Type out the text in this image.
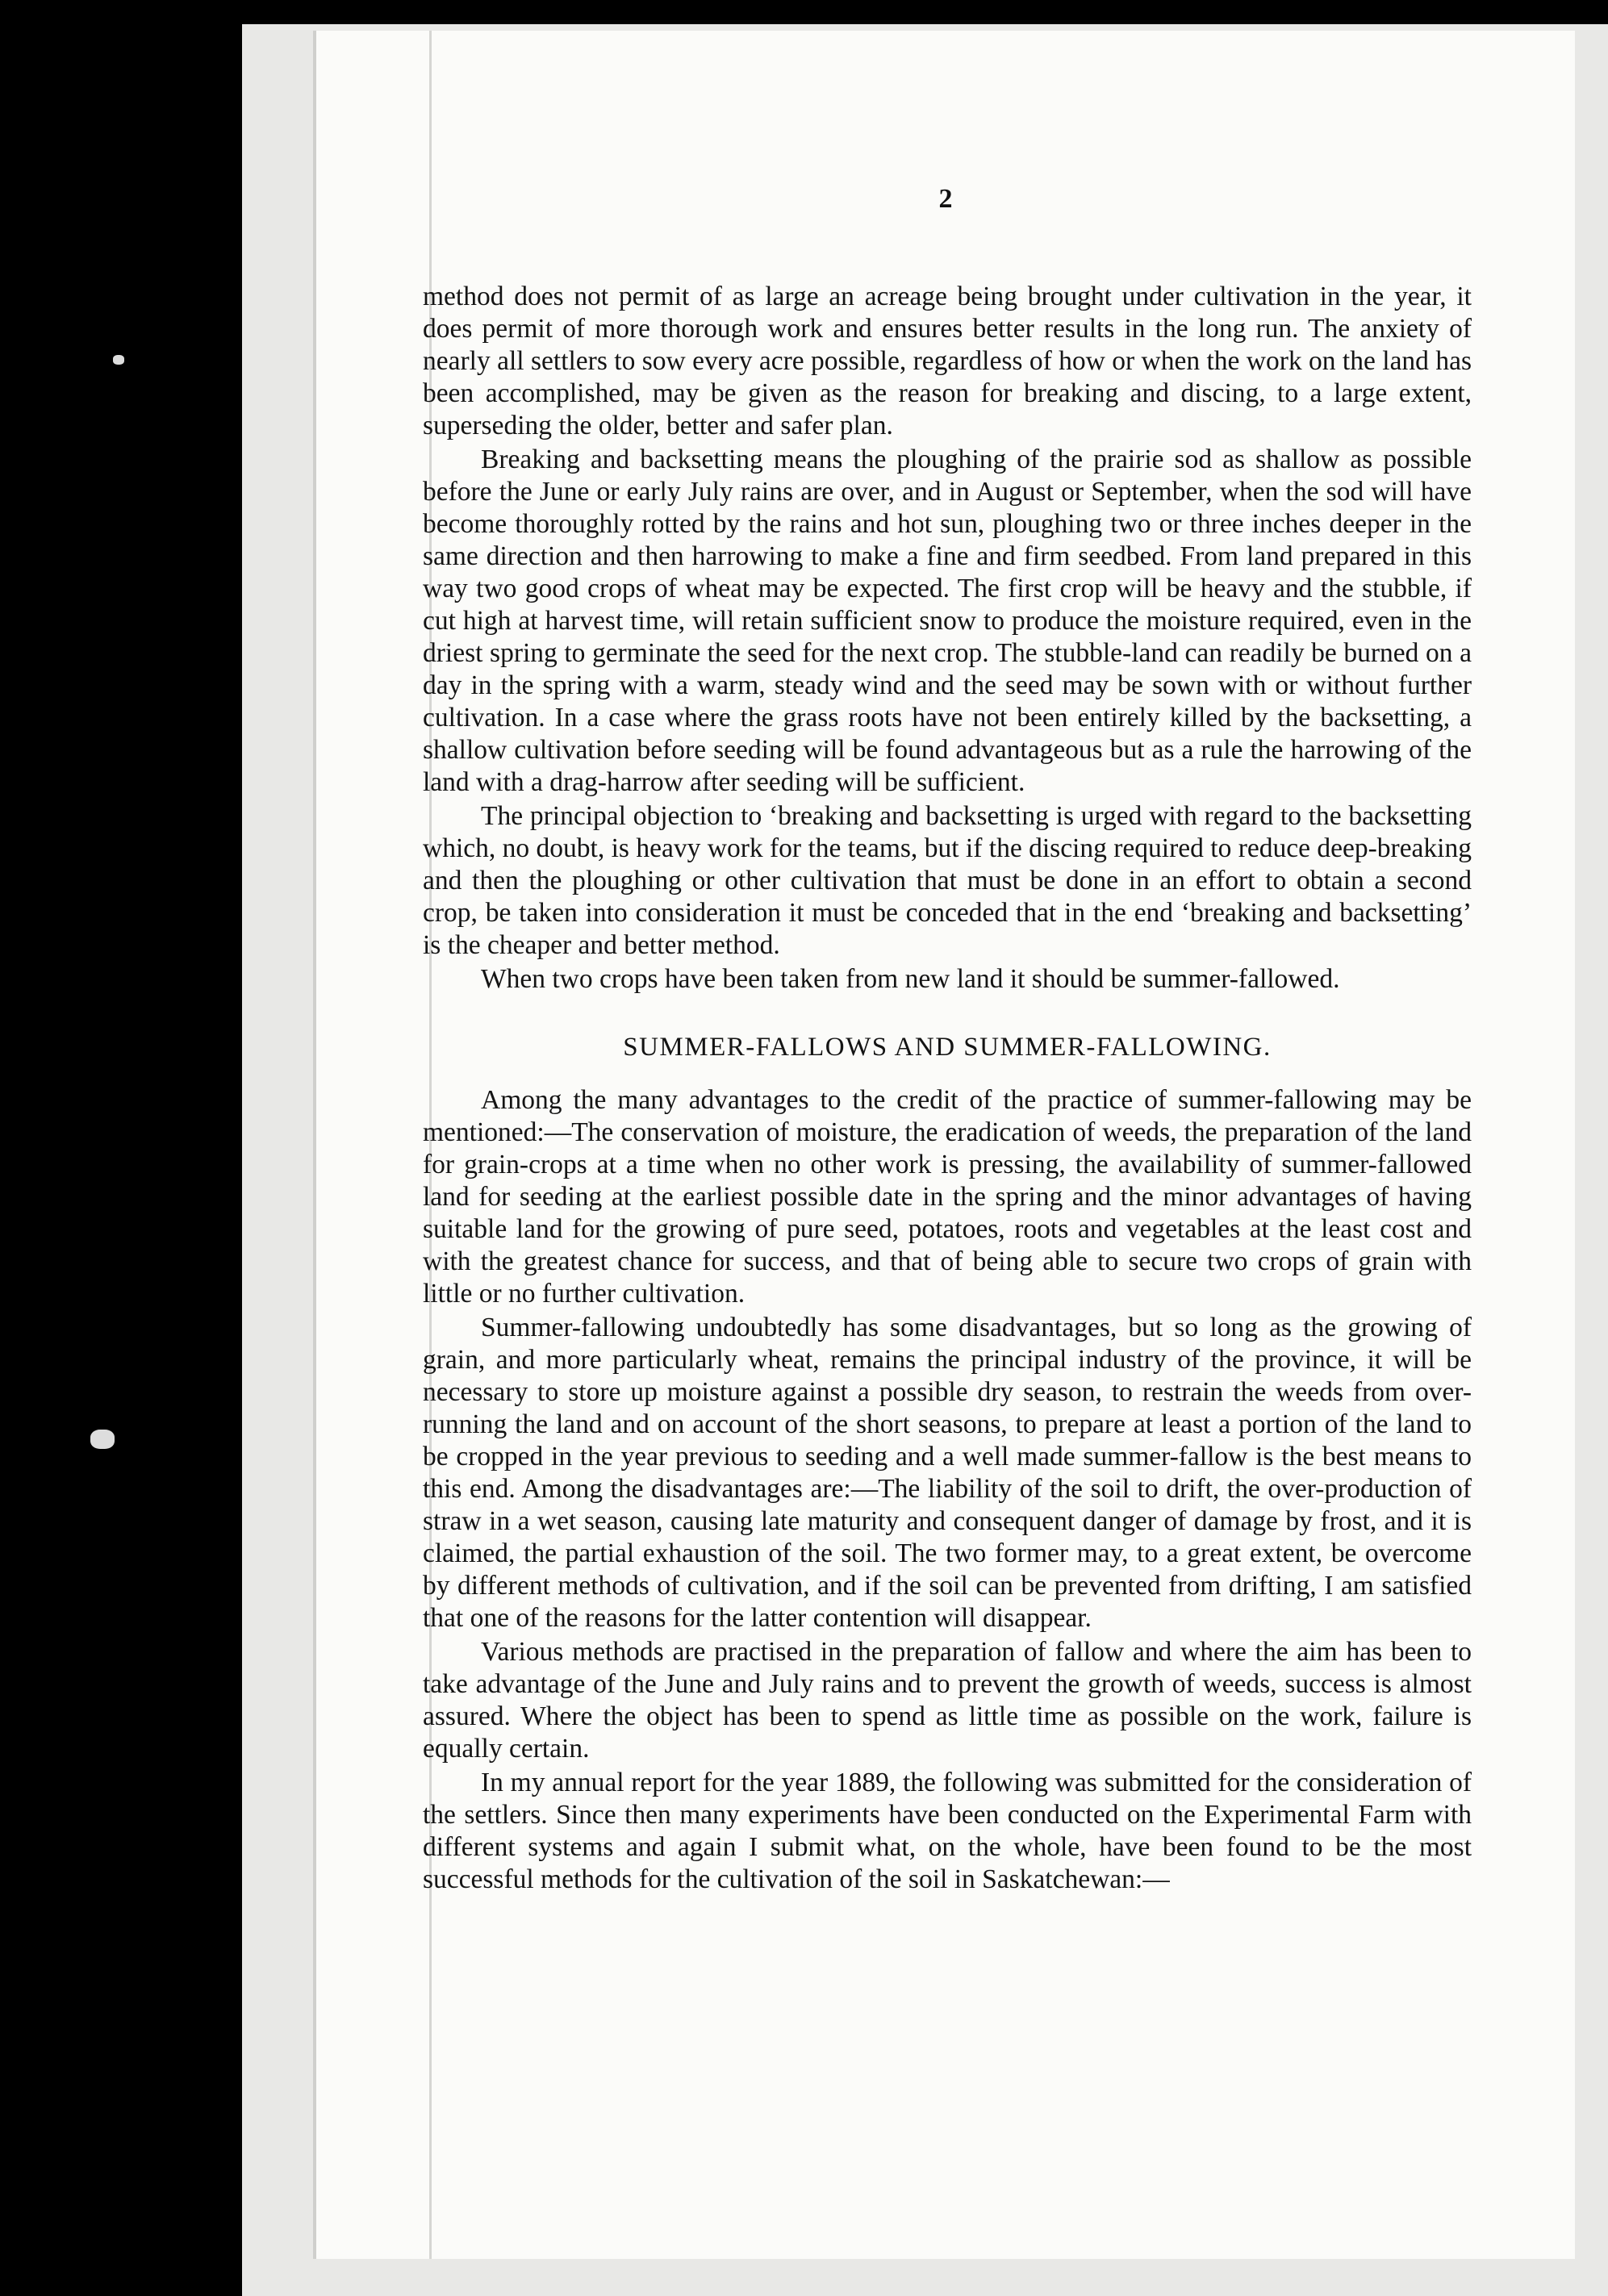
2

method does not permit of as large an acreage being brought under cultivation in the year, it does permit of more thorough work and ensures better results in the long run. The anxiety of nearly all settlers to sow every acre possible, regardless of how or when the work on the land has been accomplished, may be given as the reason for breaking and discing, to a large extent, superseding the older, better and safer plan.

Breaking and backsetting means the ploughing of the prairie sod as shallow as possible before the June or early July rains are over, and in August or September, when the sod will have become thoroughly rotted by the rains and hot sun, ploughing two or three inches deeper in the same direction and then harrowing to make a fine and firm seedbed. From land prepared in this way two good crops of wheat may be expected. The first crop will be heavy and the stubble, if cut high at harvest time, will retain sufficient snow to produce the moisture required, even in the driest spring to germinate the seed for the next crop. The stubble-land can readily be burned on a day in the spring with a warm, steady wind and the seed may be sown with or without further cultivation. In a case where the grass roots have not been entirely killed by the backsetting, a shallow cultivation before seeding will be found advantageous but as a rule the harrowing of the land with a drag-harrow after seeding will be sufficient.

The principal objection to ‘breaking and backsetting is urged with regard to the backsetting which, no doubt, is heavy work for the teams, but if the discing required to reduce deep-breaking and then the ploughing or other cultivation that must be done in an effort to obtain a second crop, be taken into consideration it must be conceded that in the end ‘breaking and backsetting’ is the cheaper and better method.

When two crops have been taken from new land it should be summer-fallowed.

SUMMER-FALLOWS AND SUMMER-FALLOWING.

Among the many advantages to the credit of the practice of summer-fallowing may be mentioned:—The conservation of moisture, the eradication of weeds, the preparation of the land for grain-crops at a time when no other work is pressing, the availability of summer-fallowed land for seeding at the earliest possible date in the spring and the minor advantages of having suitable land for the growing of pure seed, potatoes, roots and vegetables at the least cost and with the greatest chance for success, and that of being able to secure two crops of grain with little or no further cultivation.

Summer-fallowing undoubtedly has some disadvantages, but so long as the growing of grain, and more particularly wheat, remains the principal industry of the province, it will be necessary to store up moisture against a possible dry season, to restrain the weeds from over-running the land and on account of the short seasons, to prepare at least a portion of the land to be cropped in the year previous to seeding and a well made summer-fallow is the best means to this end. Among the disadvantages are:—The liability of the soil to drift, the over-production of straw in a wet season, causing late maturity and consequent danger of damage by frost, and it is claimed, the partial exhaustion of the soil. The two former may, to a great extent, be overcome by different methods of cultivation, and if the soil can be prevented from drifting, I am satisfied that one of the reasons for the latter contention will disappear.

Various methods are practised in the preparation of fallow and where the aim has been to take advantage of the June and July rains and to prevent the growth of weeds, success is almost assured. Where the object has been to spend as little time as possible on the work, failure is equally certain.

In my annual report for the year 1889, the following was submitted for the consideration of the settlers. Since then many experiments have been conducted on the Experimental Farm with different systems and again I submit what, on the whole, have been found to be the most successful methods for the cultivation of the soil in Saskatchewan:—
